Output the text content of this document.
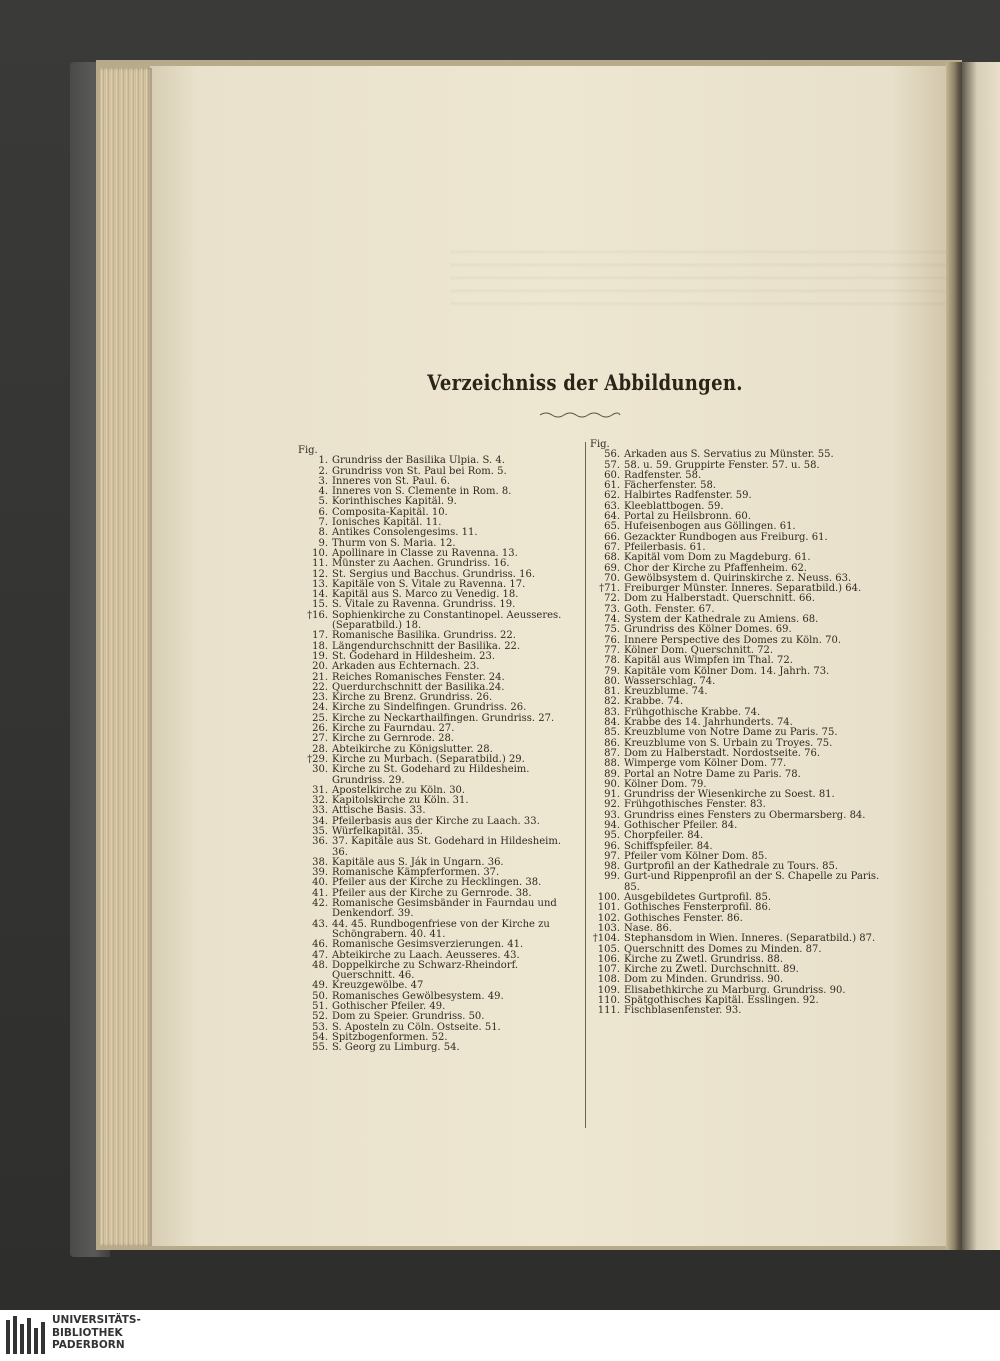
Verzeichniss der Abbildungen.
Fig.
1. Grundriss der Basilika Ulpia. S. 4.
2. Grundriss von St. Paul bei Rom. 5.
3. Inneres von St. Paul. 6.
4. Inneres von S. Clemente in Rom. 8.
5. Korinthisches Kapitäl. 9.
6. Composita-Kapitäl. 10.
7. Ionisches Kapitäl. 11.
8. Antikes Consolengesims. 11.
9. Thurm von S. Maria. 12.
10. Apollinare in Classe zu Ravenna. 13.
11. Münster zu Aachen. Grundriss. 16.
12. St. Sergius und Bacchus. Grundriss. 16.
13. Kapitäle von S. Vitale zu Ravenna. 17.
14. Kapitäl aus S. Marco zu Venedig. 18.
15. S. Vitale zu Ravenna. Grundriss. 19.
†16. Sophienkirche zu Constantinopel. Aeusseres. (Separatbild.) 18.
17. Romanische Basilika. Grundriss. 22.
18. Längendurchschnitt der Basilika. 22.
19. St. Godehard in Hildesheim. 23.
20. Arkaden aus Echternach. 23.
21. Reiches Romanisches Fenster. 24.
22. Querdurchschnitt der Basilika.24.
23. Kirche zu Brenz. Grundriss. 26.
24. Kirche zu Sindelfingen. Grundriss. 26.
25. Kirche zu Neckarthailfingen. Grundriss. 27.
26. Kirche zu Faurndau. 27.
27. Kirche zu Gernrode. 28.
28. Abteikirche zu Königslutter. 28.
†29. Kirche zu Murbach. (Separatbild.) 29.
30. Kirche zu St. Godehard zu Hildesheim. Grundriss. 29.
31. Apostelkirche zu Köln. 30.
32. Kapitolskirche zu Köln. 31.
33. Attische Basis. 33.
34. Pfeilerbasis aus der Kirche zu Laach. 33.
35. Würfelkapitäl. 35.
36. 37. Kapitäle aus St. Godehard in Hildesheim. 36.
38. Kapitäle aus S. Ják in Ungarn. 36.
39. Romanische Kämpferformen. 37.
40. Pfeiler aus der Kirche zu Hecklingen. 38.
41. Pfeiler aus der Kirche zu Gernrode. 38.
42. Romanische Gesimsbänder in Faurndau und Denkendorf. 39.
43. 44. 45. Rundbogenfriese von der Kirche zu Schöngrabern. 40. 41.
46. Romanische Gesimsverzierungen. 41.
47. Abteikirche zu Laach. Aeusseres. 43.
48. Doppelkirche zu Schwarz-Rheindorf. Querschnitt. 46.
49. Kreuzgewölbe. 47
50. Romanisches Gewölbesystem. 49.
51. Gothischer Pfeiler. 49.
52. Dom zu Speier. Grundriss. 50.
53. S. Aposteln zu Cöln. Ostseite. 51.
54. Spitzbogenformen. 52.
55. S. Georg zu Limburg. 54.
Fig.
56. Arkaden aus S. Servatius zu Münster. 55.
57. 58. u. 59. Gruppirte Fenster. 57. u. 58.
60. Radfenster. 58.
61. Fächerfenster. 58.
62. Halbirtes Radfenster. 59.
63. Kleeblattbogen. 59.
64. Portal zu Heilsbronn. 60.
65. Hufeisenbogen aus Göllingen. 61.
66. Gezackter Rundbogen aus Freiburg. 61.
67. Pfeilerbasis. 61.
68. Kapitäl vom Dom zu Magdeburg. 61.
69. Chor der Kirche zu Pfaffenheim. 62.
70. Gewölbsystem d. Quirinskirche z. Neuss. 63.
†71. Freiburger Münster. Inneres. Separatbild.) 64.
72. Dom zu Halberstadt. Querschnitt. 66.
73. Goth. Fenster. 67.
74. System der Kathedrale zu Amiens. 68.
75. Grundriss des Kölner Domes. 69.
76. Innere Perspective des Domes zu Köln. 70.
77. Kölner Dom. Querschnitt. 72.
78. Kapitäl aus Wimpfen im Thal. 72.
79. Kapitäle vom Kölner Dom. 14. Jahrh. 73.
80. Wasserschlag. 74.
81. Kreuzblume. 74.
82. Krabbe. 74.
83. Frühgothische Krabbe. 74.
84. Krabbe des 14. Jahrhunderts. 74.
85. Kreuzblume von Notre Dame zu Paris. 75.
86. Kreuzblume von S. Urbain zu Troyes. 75.
87. Dom zu Halberstadt. Nordostseite. 76.
88. Wimperge vom Kölner Dom. 77.
89. Portal an Notre Dame zu Paris. 78.
90. Kölner Dom. 79.
91. Grundriss der Wiesenkirche zu Soest. 81.
92. Frühgothisches Fenster. 83.
93. Grundriss eines Fensters zu Obermarsberg. 84.
94. Gothischer Pfeiler. 84.
95. Chorpfeiler. 84.
96. Schiffspfeiler. 84.
97. Pfeiler vom Kölner Dom. 85.
98. Gurtprofil an der Kathedrale zu Tours. 85.
99. Gurt-und Rippenprofil an der S. Chapelle zu Paris. 85.
100. Ausgebildetes Gurtprofil. 85.
101. Gothisches Fensterprofil. 86.
102. Gothisches Fenster. 86.
103. Nase. 86.
†104. Stephansdom in Wien. Inneres. (Separatbild.) 87.
105. Querschnitt des Domes zu Minden. 87.
106. Kirche zu Zwetl. Grundriss. 88.
107. Kirche zu Zwetl. Durchschnitt. 89.
108. Dom zu Minden. Grundriss. 90.
109. Elisabethkirche zu Marburg. Grundriss. 90.
110. Spätgothisches Kapitäl. Esslingen. 92.
111. Fischblasenfenster. 93.
UNIVERSITÄTS-
BIBLIOTHEK
PADERBORN
